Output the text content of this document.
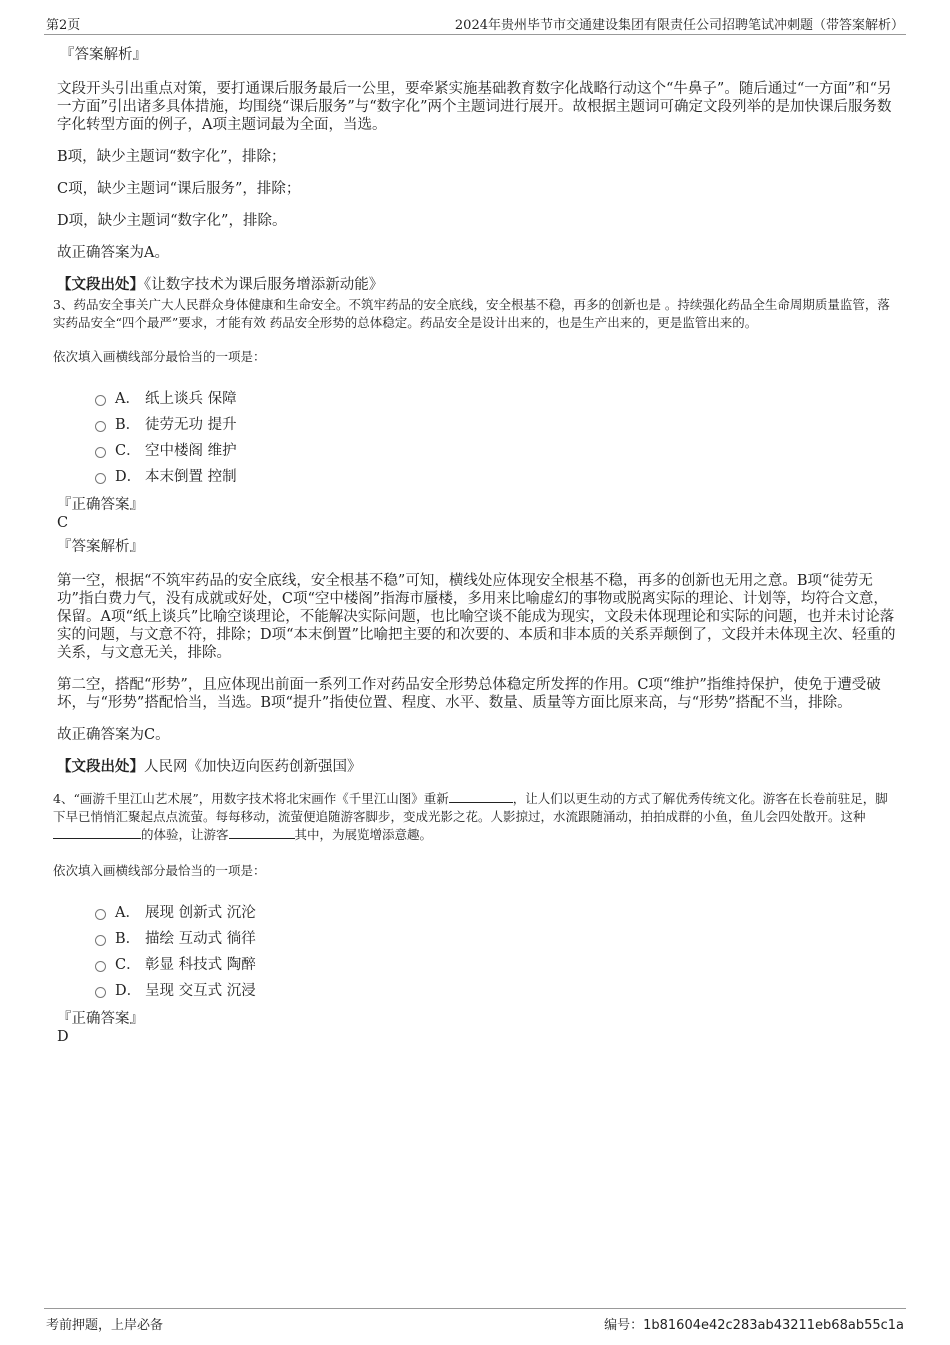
第2页	2024年贵州毕节市交通建设集团有限责任公司招聘笔试冲刺题（带答案解析）

『答案解析』

文段开头引出重点对策，要打通课后服务最后一公里，要牵紧实施基础教育数字化战略行动这个“牛鼻子”。随后通过“一方面”和“另一方面”引出诸多具体措施，均围绕“课后服务”与“数字化”两个主题词进行展开。故根据主题词可确定文段列举的是加快课后服务数字化转型方面的例子，A项主题词最为全面，当选。

B项，缺少主题词“数字化”，排除；

C项，缺少主题词“课后服务”，排除；

D项，缺少主题词“数字化”，排除。

故正确答案为A。

【文段出处】《让数字技术为课后服务增添新动能》

3、药品安全事关广大人民群众身体健康和生命安全。不筑牢药品的安全底线，安全根基不稳，再多的创新也是 。持续强化药品全生命周期质量监管，落实药品安全“四个最严”要求，才能有效 药品安全形势的总体稳定。药品安全是设计出来的，也是生产出来的，更是监管出来的。

依次填入画横线部分最恰当的一项是：

A． 纸上谈兵 保障
B． 徒劳无功 提升
C． 空中楼阁 维护
D． 本末倒置 控制

『正确答案』

C

『答案解析』

第一空，根据“不筑牢药品的安全底线，安全根基不稳”可知，横线处应体现安全根基不稳，再多的创新也无用之意。B项“徒劳无功”指白费力气，没有成就或好处，C项“空中楼阁”指海市蜃楼，多用来比喻虚幻的事物或脱离实际的理论、计划等，均符合文意，保留。A项“纸上谈兵”比喻空谈理论，不能解决实际问题，也比喻空谈不能成为现实，文段未体现理论和实际的问题，也并未讨论落实的问题，与文意不符，排除；D项“本末倒置”比喻把主要的和次要的、本质和非本质的关系弄颠倒了，文段并未体现主次、轻重的关系，与文意无关，排除。

第二空，搭配“形势”，且应体现出前面一系列工作对药品安全形势总体稳定所发挥的作用。C项“维护”指维持保护，使免于遭受破坏，与“形势”搭配恰当，当选。B项“提升”指使位置、程度、水平、数量、质量等方面比原来高，与“形势”搭配不当，排除。

故正确答案为C。

【文段出处】人民网《加快迈向医药创新强国》

4、“画游千里江山艺术展”，用数字技术将北宋画作《千里江山图》重新	，让人们以更生动的方式了解优秀传统文化。游客在长卷前驻足，脚下早已悄悄汇聚起点点流萤。每每移动，流萤便追随游客脚步，变成光影之花。人影掠过，水流跟随涌动，拍拍成群的小鱼，鱼儿会四处散开。这种的体验，让游客	其中，为展览增添意趣。

依次填入画横线部分最恰当的一项是：

A． 展现 创新式 沉沦
B． 描绘 互动式 徜徉
C． 彰显 科技式 陶醉
D． 呈现 交互式 沉浸

『正确答案』

D

考前押题，上岸必备	编号：1b81604e42c283ab43211eb68ab55c1a
